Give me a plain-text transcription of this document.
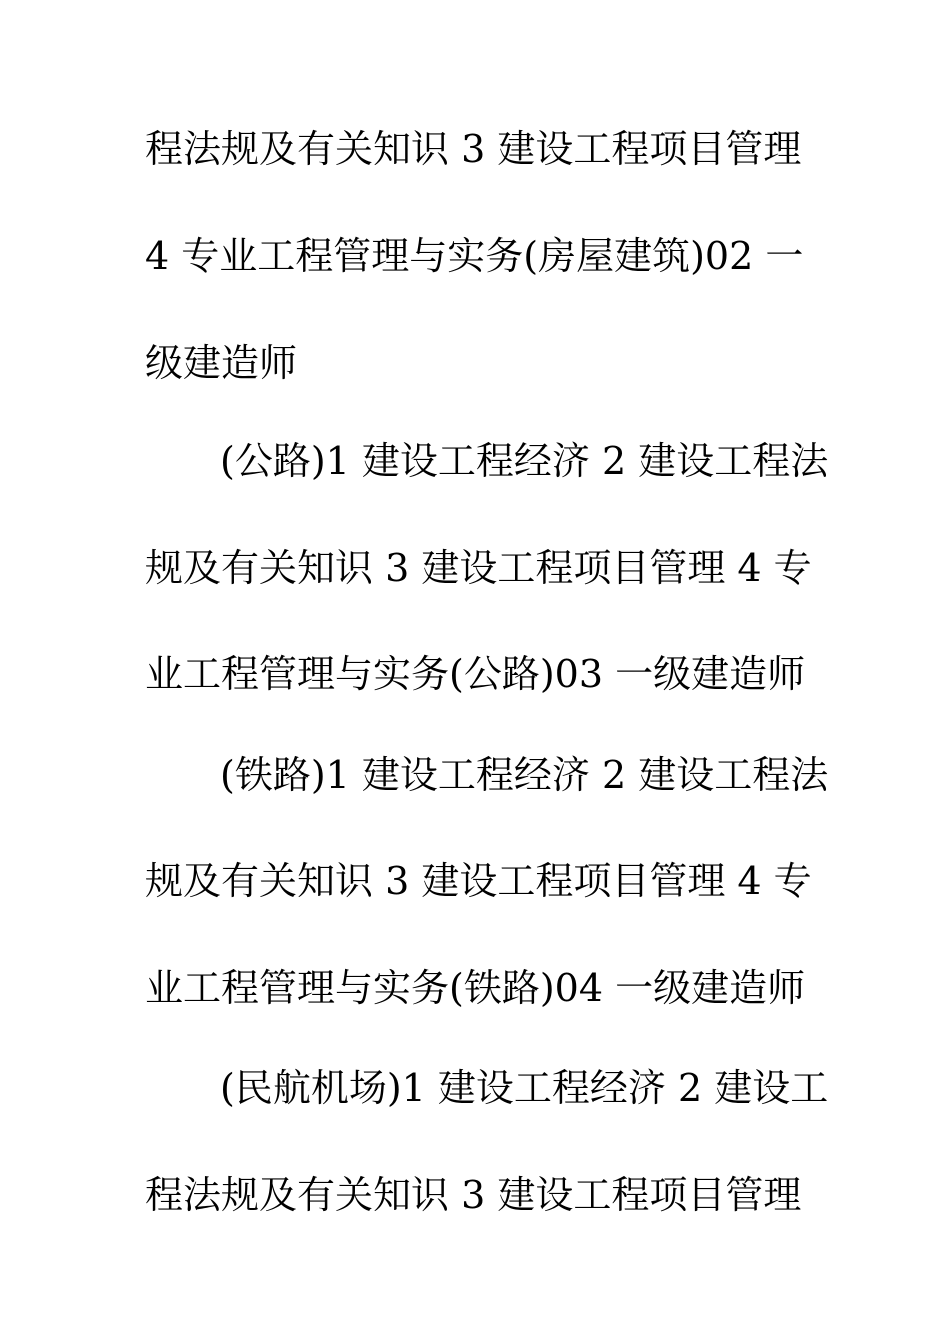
程法规及有关知识 3 建设工程项目管理
4 专业工程管理与实务(房屋建筑)02 一
级建造师
(公路)1 建设工程经济 2 建设工程法
规及有关知识 3 建设工程项目管理 4 专
业工程管理与实务(公路)03 一级建造师
(铁路)1 建设工程经济 2 建设工程法
规及有关知识 3 建设工程项目管理 4 专
业工程管理与实务(铁路)04 一级建造师
(民航机场)1 建设工程经济 2 建设工
程法规及有关知识 3 建设工程项目管理
